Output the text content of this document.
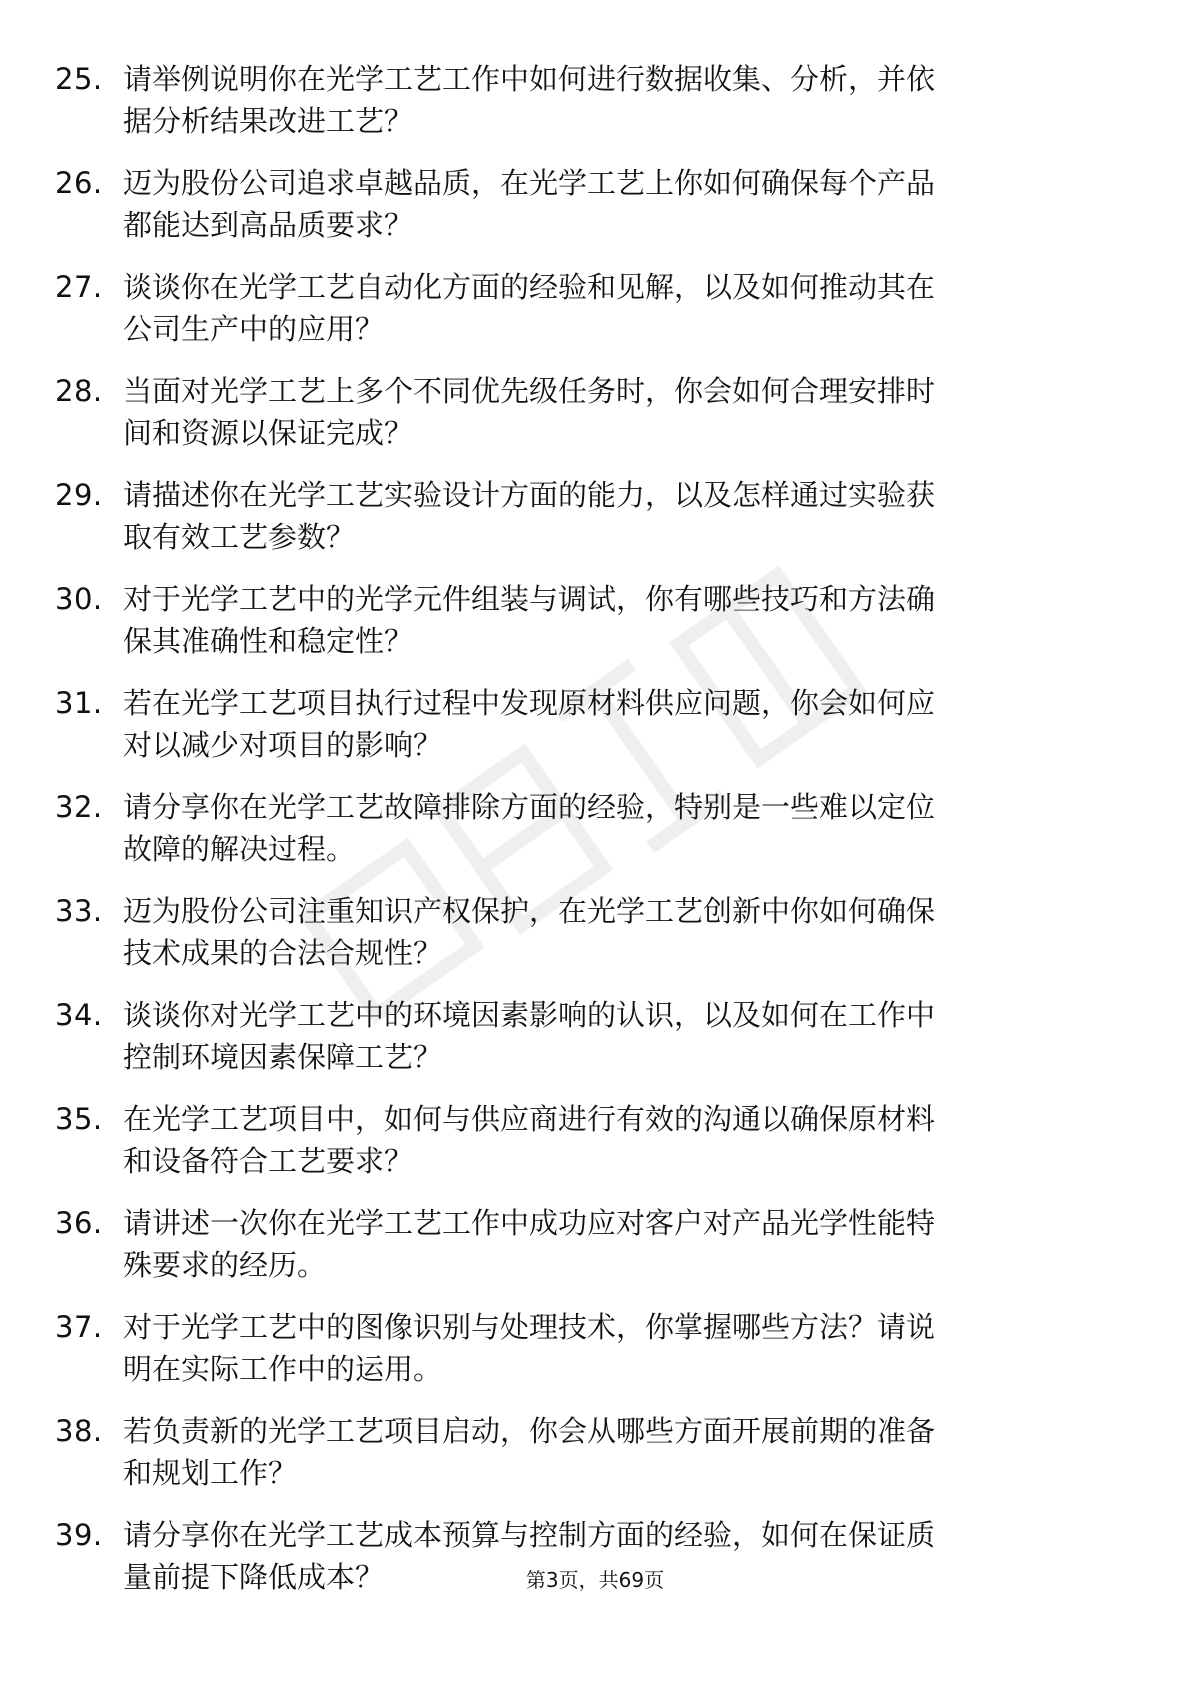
25. 请举例说明你在光学工艺工作中如何进行数据收集、分析，并依
据分析结果改进工艺？
26. 迈为股份公司追求卓越品质，在光学工艺上你如何确保每个产品
都能达到高品质要求？
27. 谈谈你在光学工艺自动化方面的经验和见解，以及如何推动其在
公司生产中的应用？
28. 当面对光学工艺上多个不同优先级任务时，你会如何合理安排时
间和资源以保证完成？
29. 请描述你在光学工艺实验设计方面的能力，以及怎样通过实验获
取有效工艺参数？
30. 对于光学工艺中的光学元件组装与调试，你有哪些技巧和方法确
保其准确性和稳定性？
31. 若在光学工艺项目执行过程中发现原材料供应问题，你会如何应
对以减少对项目的影响？
32. 请分享你在光学工艺故障排除方面的经验，特别是一些难以定位
故障的解决过程。
33. 迈为股份公司注重知识产权保护，在光学工艺创新中你如何确保
技术成果的合法合规性？
34. 谈谈你对光学工艺中的环境因素影响的认识，以及如何在工作中
控制环境因素保障工艺？
35. 在光学工艺项目中，如何与供应商进行有效的沟通以确保原材料
和设备符合工艺要求？
36. 请讲述一次你在光学工艺工作中成功应对客户对产品光学性能特
殊要求的经历。
37. 对于光学工艺中的图像识别与处理技术，你掌握哪些方法？请说
明在实际工作中的运用。
38. 若负责新的光学工艺项目启动，你会从哪些方面开展前期的准备
和规划工作？
39. 请分享你在光学工艺成本预算与控制方面的经验，如何在保证质
量前提下降低成本？	第3页，共69页
